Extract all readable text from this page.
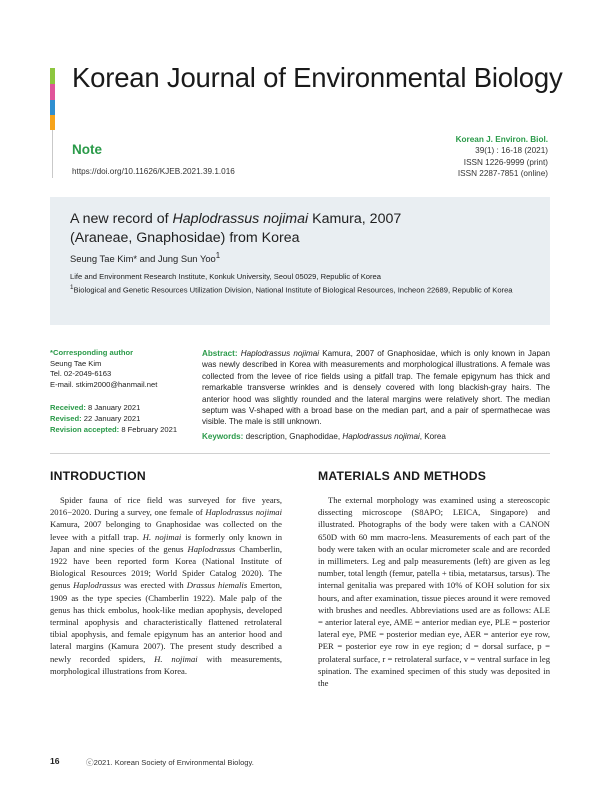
Korean Journal of Environmental Biology
Note
https://doi.org/10.11626/KJEB.2021.39.1.016
Korean J. Environ. Biol.
39(1) : 16-18 (2021)
ISSN 1226-9999 (print)
ISSN 2287-7851 (online)
A new record of Haplodrassus nojimai Kamura, 2007
(Araneae, Gnaphosidae) from Korea
Seung Tae Kim* and Jung Sun Yoo$^1$
Life and Environment Research Institute, Konkuk University, Seoul 05029, Republic of Korea
$^1$Biological and Genetic Resources Utilization Division, National Institute of Biological Resources, Incheon 22689, Republic of Korea
*Corresponding author
Seung Tae Kim
Tel. 02-2049-6163
E-mail. stkim2000@hanmail.net
Received: 8 January 2021
Revised: 22 January 2021
Revision accepted: 8 February 2021
Abstract: Haplodrassus nojimai Kamura, 2007 of Gnaphosidae, which is only known in Japan was newly described in Korea with measurements and morphological illustrations. A female was collected from the levee of rice fields using a pitfall trap. The female epigynum has thick and remarkable transverse wrinkles and is densely covered with long blackish-gray hairs. The anterior hood was slightly rounded and the lateral margins were relatively short. The median septum was V-shaped with a broad base on the median part, and a pair of spermathecae was visible. The male is still unknown.
Keywords: description, Gnaphodidae, Haplodrassus nojimai, Korea
INTRODUCTION	MATERIALS AND METHODS

Spider fauna of rice field was surveyed for five years, 2016−2020. During a survey, one female of Haplodrassus nojimai Kamura, 2007 belonging to Gnaphosidae was collected on the levee with a pitfall trap. H. nojimai is formerly only known in Japan and nine species of the genus Haplodrassus Chamberlin, 1922 have been reported form Korea (National Institute of Biological Resources 2019; World Spider Catalog 2020). The genus Haplodrassus was erected with Drassus hiemalis Emerton, 1909 as the type species (Chamberlin 1922). Male palp of the genus has thick embolus, hook-like median apophysis, developed terminal apophysis and characteristically flattened retrolateral tibial apophysis, and female epigynum has an anterior hood and lateral margins (Kamura 2007). The present study described a newly recorded spiders, H. nojimai with measurements, morphological illustrations from Korea.

The external morphology was examined using a stereoscopic dissecting microscope (S8APO; LEICA, Singapore) and illustrated. Photographs of the body were taken with a CANON 650D with 60 mm macro-lens. Measurements of each part of the body were taken with an ocular micrometer scale and are recorded in millimeters. Leg and palp measurements (left) are given as leg number, total length (femur, patella + tibia, metatarsus, tarsus). The internal genitalia was prepared with 10% of KOH solution for six hours, and after examination, tissue pieces around it were removed with brushes and needles. Abbreviations used are as follows: ALE = anterior lateral eye, AME = anterior median eye, PLE = posterior lateral eye, PME = posterior median eye, AER = anterior eye row, PER = posterior eye row in eye region; d = dorsal surface, p = prolateral surface, r = retrolateral surface, v = ventral surface in leg spination. The examined specimen of this study was deposited in the

16	ⓒ2021. Korean Society of Environmental Biology.
